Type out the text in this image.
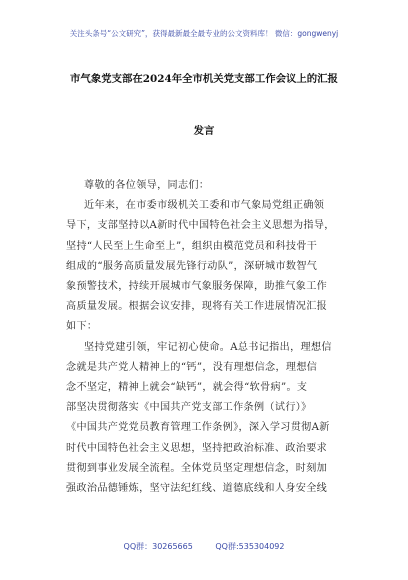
关注头条号“公文研究”，获得最新最全最专业的公文资料库！ 微信：gongwenyj
市气象党支部在2024年全市机关党支部工作会议上的汇报
发言
尊敬的各位领导，同志们：
近年来，在市委市级机关工委和市气象局党组正确领
导下，支部坚持以A新时代中国特色社会主义思想为指导，
坚持“人民至上生命至上”，组织由模范党员和科技骨干
组成的“服务高质量发展先锋行动队”，深研城市数智气
象预警技术，持续开展城市气象服务保障，助推气象工作
高质量发展。根据会议安排，现将有关工作进展情况汇报
如下：
坚持党建引领，牢记初心使命。A总书记指出，理想信
念就是共产党人精神上的“钙”，没有理想信念，理想信
念不坚定，精神上就会“缺钙”，就会得“软骨病”。支
部坚决贯彻落实《中国共产党支部工作条例（试行）》
《中国共产党党员教育管理工作条例》，深入学习贯彻A新
时代中国特色社会主义思想，坚持把政治标准、政治要求
贯彻到事业发展全流程。全体党员坚定理想信念，时刻加
强政治品德锤炼，坚守法纪红线、道德底线和人身安全线
QQ群：30265665	QQ群:535304092
